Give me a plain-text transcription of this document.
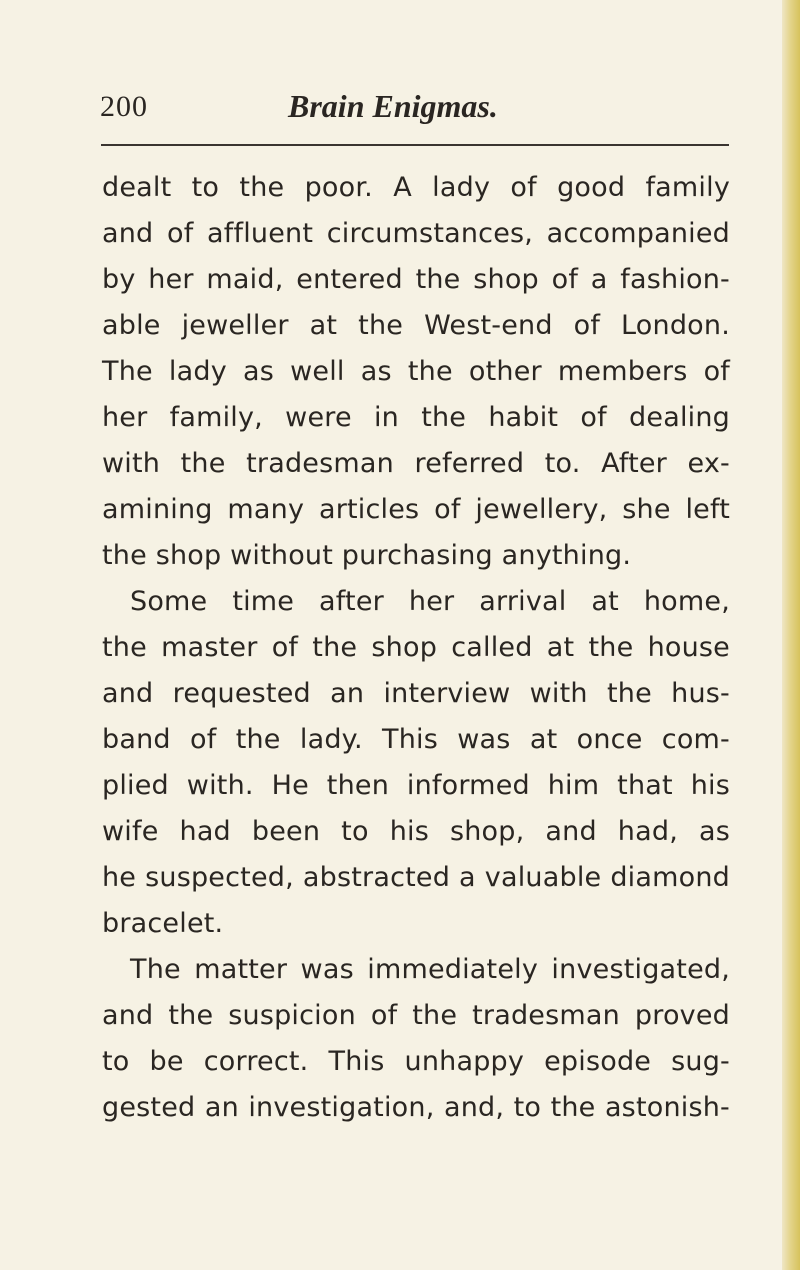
200	Brain Enigmas.
dealt to the poor. A lady of good family
and of affluent circumstances, accompanied
by her maid, entered the shop of a fashion-
able jeweller at the West-end of London.
The lady as well as the other members of
her family, were in the habit of dealing
with the tradesman referred to. After ex-
amining many articles of jewellery, she left
the shop without purchasing anything.
Some time after her arrival at home,
the master of the shop called at the house
and requested an interview with the hus-
band of the lady. This was at once com-
plied with. He then informed him that his
wife had been to his shop, and had, as
he suspected, abstracted a valuable diamond
bracelet.
The matter was immediately investigated,
and the suspicion of the tradesman proved
to be correct. This unhappy episode sug-
gested an investigation, and, to the astonish-
